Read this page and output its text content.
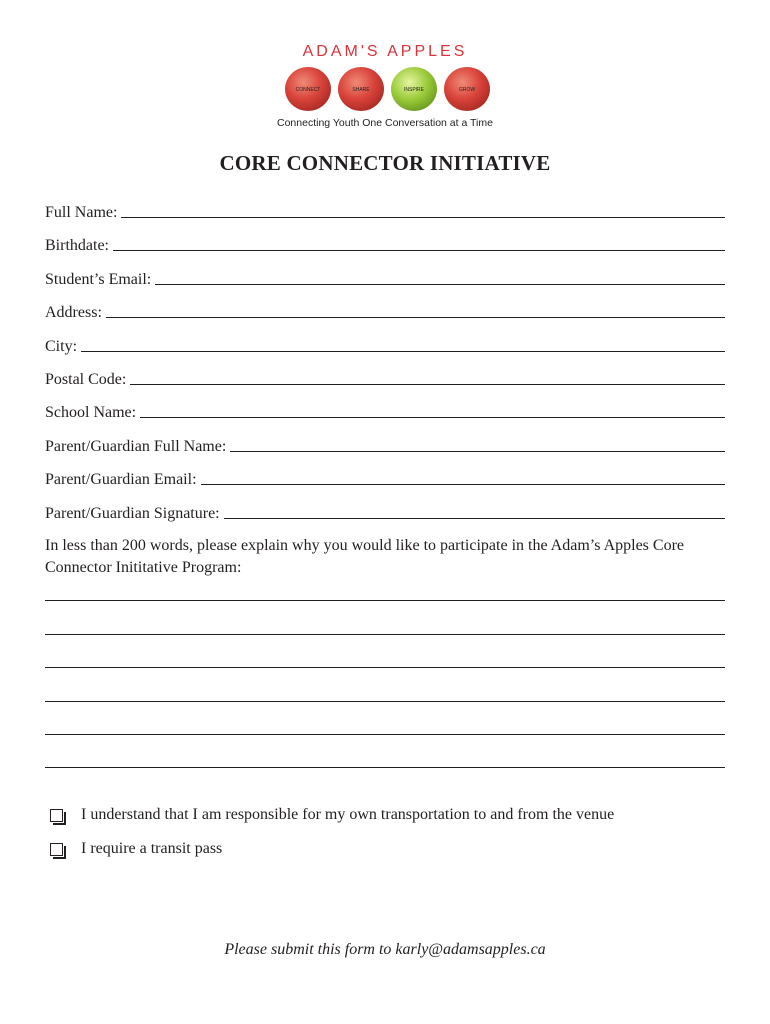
ADAM'S APPLES
CONNECT	SHARE	INSPIRE	GROW
Connecting Youth One Conversation at a Time
CORE CONNECTOR INITIATIVE
Full Name:
Birthdate:
Student’s Email:
Address:
City:
Postal Code:
School Name:
Parent/Guardian Full Name:
Parent/Guardian Email:
Parent/Guardian Signature:
In less than 200 words, please explain why you would like to participate in the Adam’s Apples Core Connector Inititative Program:
I understand that I am responsible for my own transportation to and from the venue
I require a transit pass
Please submit this form to karly@adamsapples.ca
